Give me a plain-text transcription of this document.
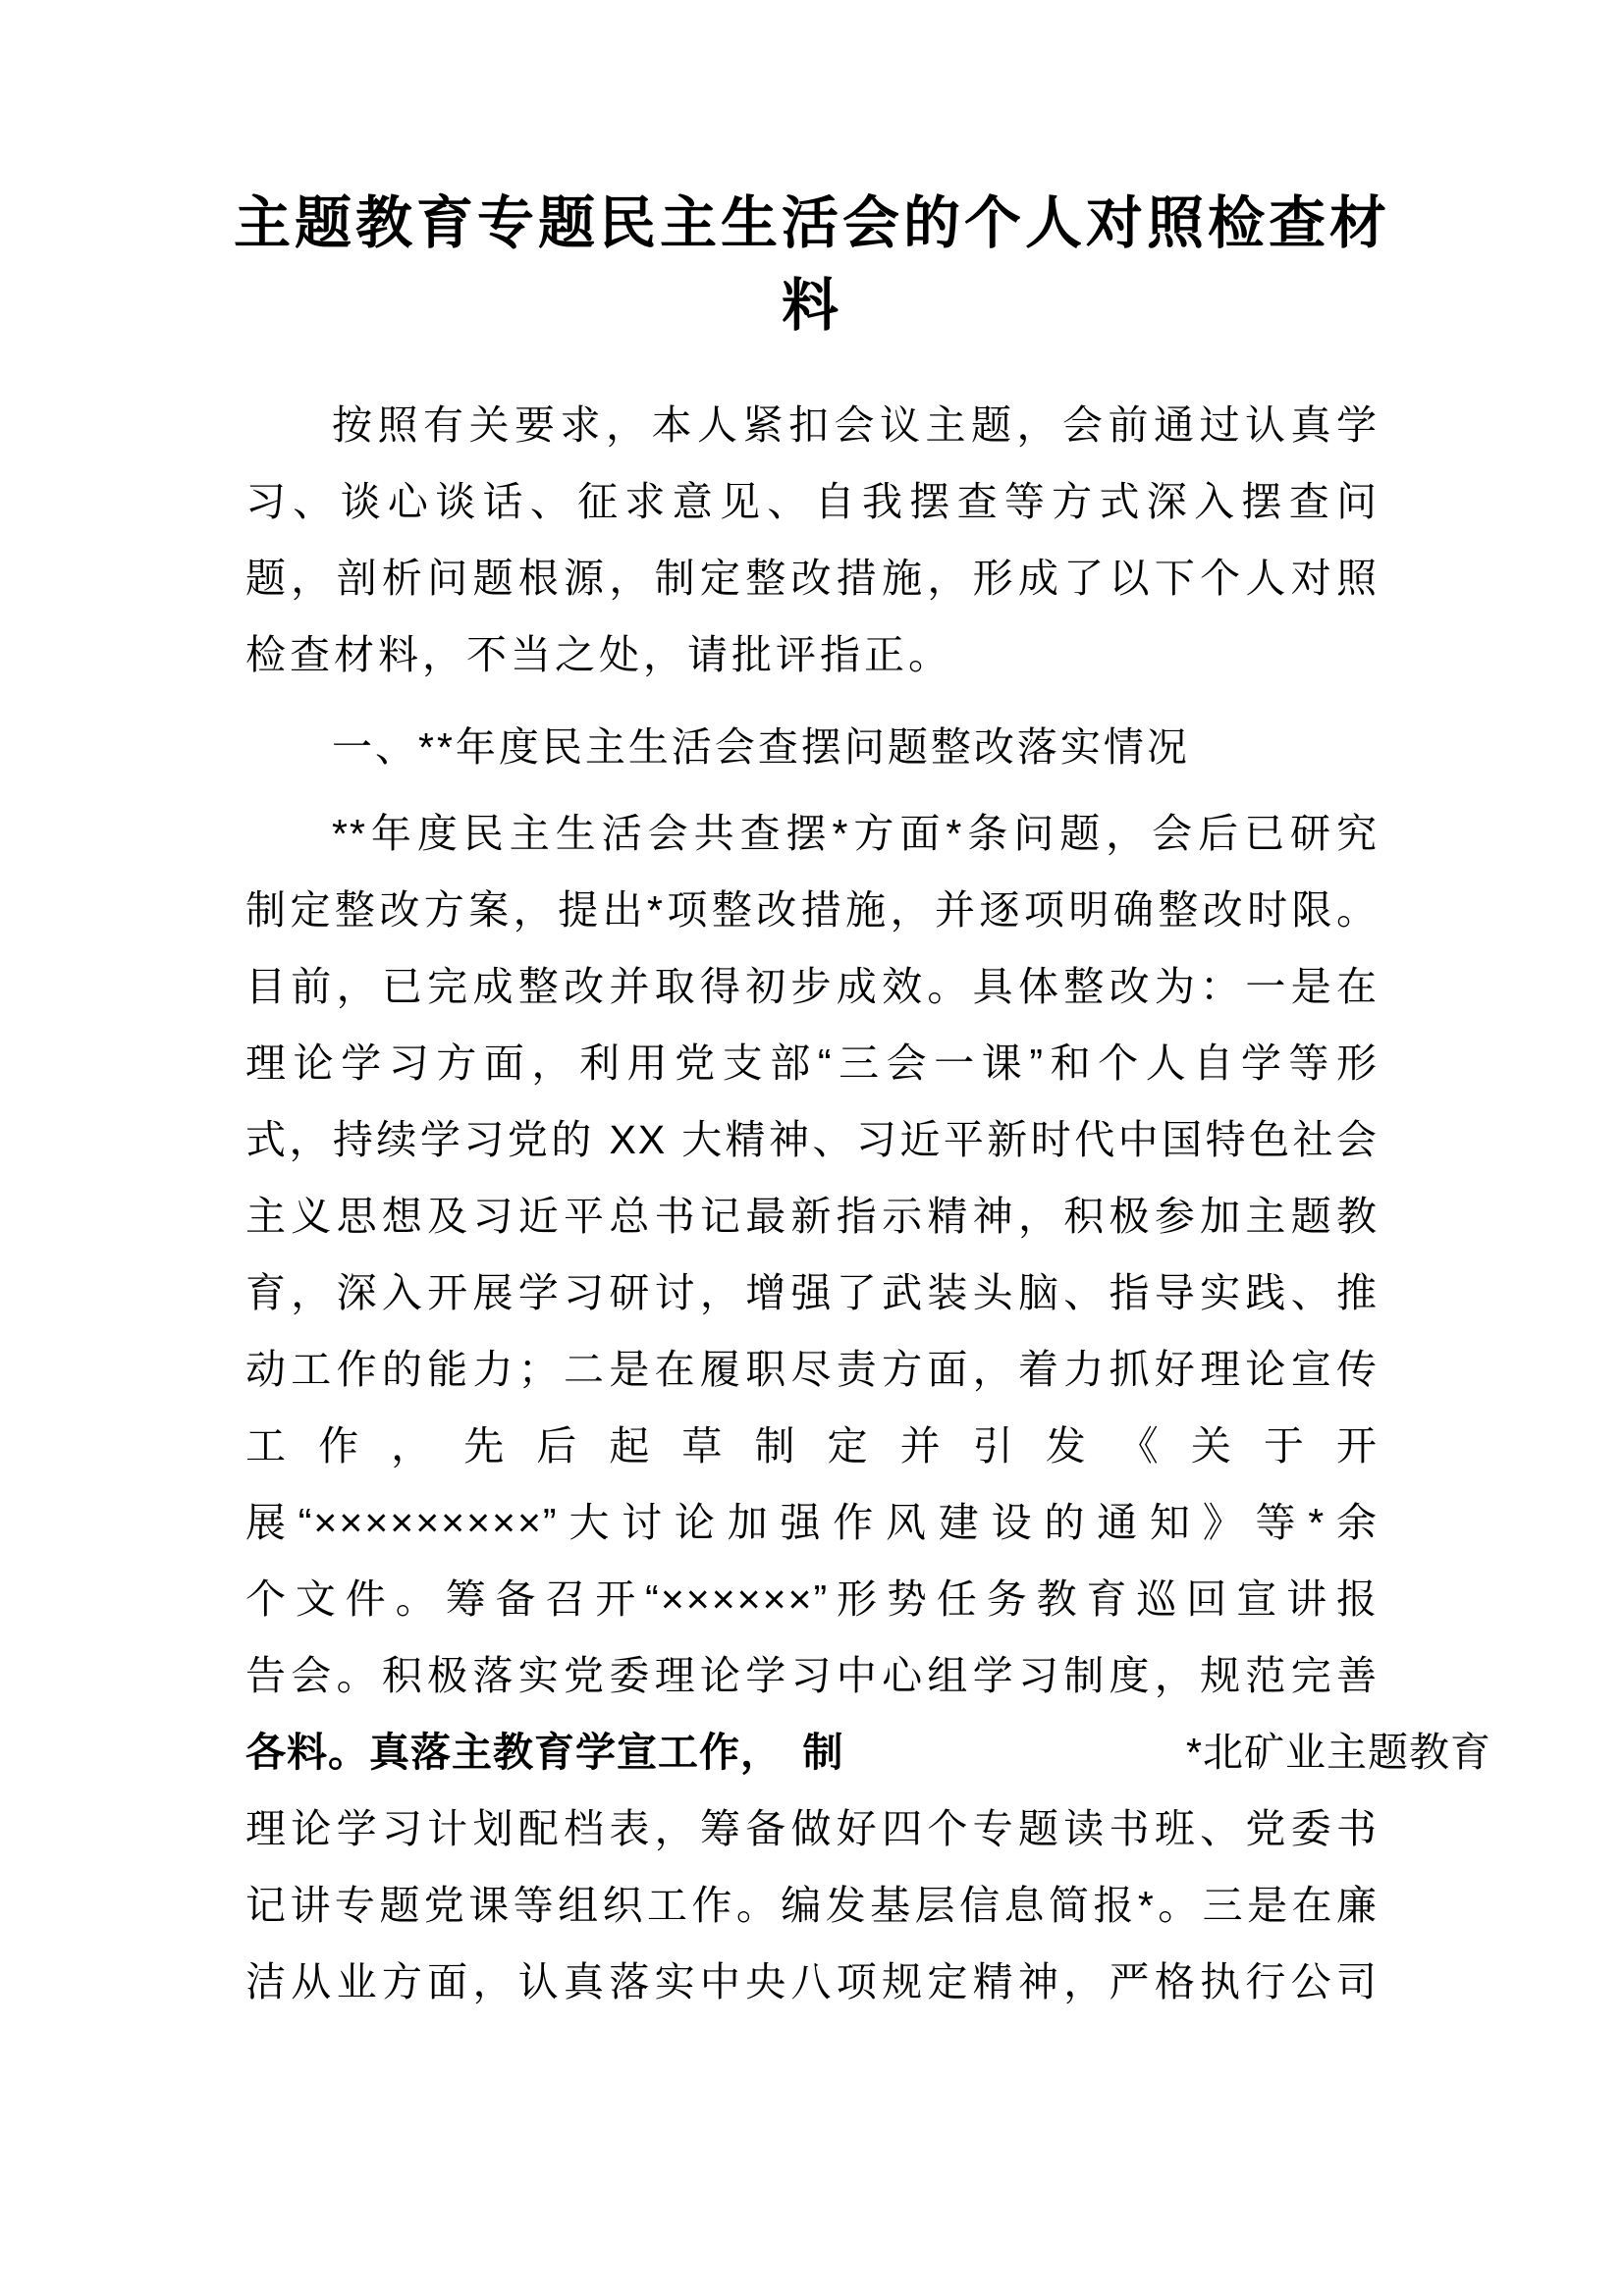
主题教育专题民主生活会的个人对照检查材
料
按照有关要求，本人紧扣会议主题，会前通过认真学
习、谈心谈话、征求意见、自我摆查等方式深入摆查问
题，剖析问题根源，制定整改措施，形成了以下个人对照
检查材料，不当之处，请批评指正。
一、**年度民主生活会查摆问题整改落实情况
**年度民主生活会共查摆*方面*条问题，会后已研究
制定整改方案，提出*项整改措施，并逐项明确整改时限。
目前，已完成整改并取得初步成效。具体整改为：一是在
理论学习方面，利用党支部“三会一课”和个人自学等形
式，持续学习党的 XX 大精神、习近平新时代中国特色社会
主义思想及习近平总书记最新指示精神，积极参加主题教
育，深入开展学习研讨，增强了武装头脑、指导实践、推
动工作的能力；二是在履职尽责方面，着力抓好理论宣传
工作，先后起草制定并引发《关于开
展“×××××××××”大讨论加强作风建设的通知》等*余
个文件。筹备召开“××××××”形势任务教育巡回宣讲报
告会。积极落实党委理论学习中心组学习制度，规范完善
各料。真落主教育学宣工作，　制	*北矿业主题教育
理论学习计划配档表，筹备做好四个专题读书班、党委书
记讲专题党课等组织工作。编发基层信息简报*。三是在廉
洁从业方面，认真落实中央八项规定精神，严格执行公司
